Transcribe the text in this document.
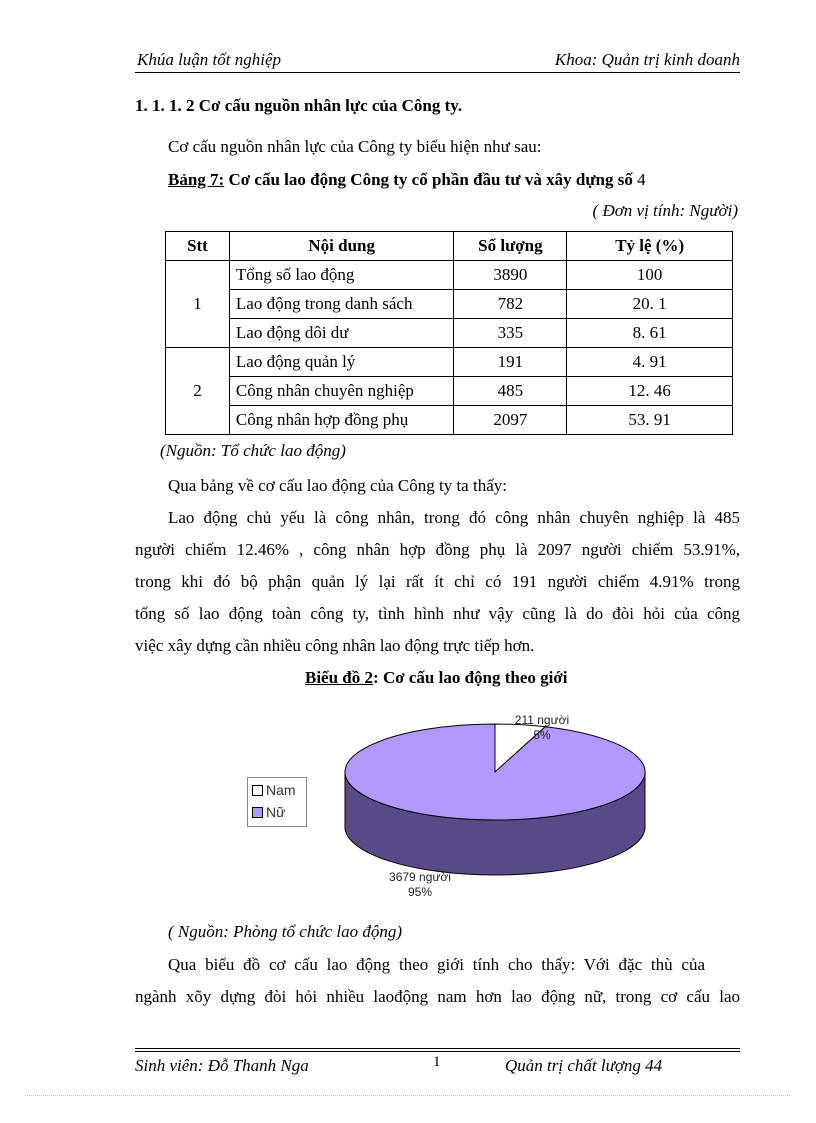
Khúa luận tốt nghiệp	Khoa: Quản trị kinh doanh
1. 1. 1. 2 Cơ cấu nguồn nhân lực của Công ty.
Cơ cấu nguồn nhân lực của Công ty biểu hiện như sau:
Bảng 7: Cơ cấu lao động Công ty cổ phần đầu tư và xây dựng số 4
( Đơn vị tính: Người)
Stt	Nội dung	Số lượng	Tỷ lệ (%)
1	Tổng số lao động	3890	100
	Lao động trong danh sách	782	20. 1
	Lao động dôi dư	335	8. 61
2	Lao động quản lý	191	4. 91
	Công nhân chuyên nghiệp	485	12. 46
	Công nhân hợp đồng phụ	2097	53. 91
(Nguồn: Tổ chức lao động)
Qua bảng về cơ cấu lao động của Công ty ta thấy:
Lao động chủ yếu là công nhân, trong đó công nhân chuyên nghiệp là 485
người chiếm 12.46% , công nhân hợp đồng phụ là 2097 người chiếm 53.91%,
trong khi đó bộ phận quản lý lại rất ít chỉ có 191 người chiếm 4.91% trong
tổng số lao động toàn công ty, tình hình như vậy cũng là do đòi hỏi của công
việc xây dựng cần nhiều công nhân lao động trực tiếp hơn.
Biểu đồ 2: Cơ cấu lao động theo giới
Nam
Nữ
211 người
5%
3679 người
95%
( Nguồn: Phòng tổ chức lao động)
Qua biểu đồ cơ cấu lao động theo giới tính cho thấy: Với đặc thù của
ngành xõy dựng đòi hỏi nhiều laođộng nam hơn lao động nữ, trong cơ cấu lao
Sinh viên: Đỗ Thanh Nga	1	Quản trị chất lượng 44
